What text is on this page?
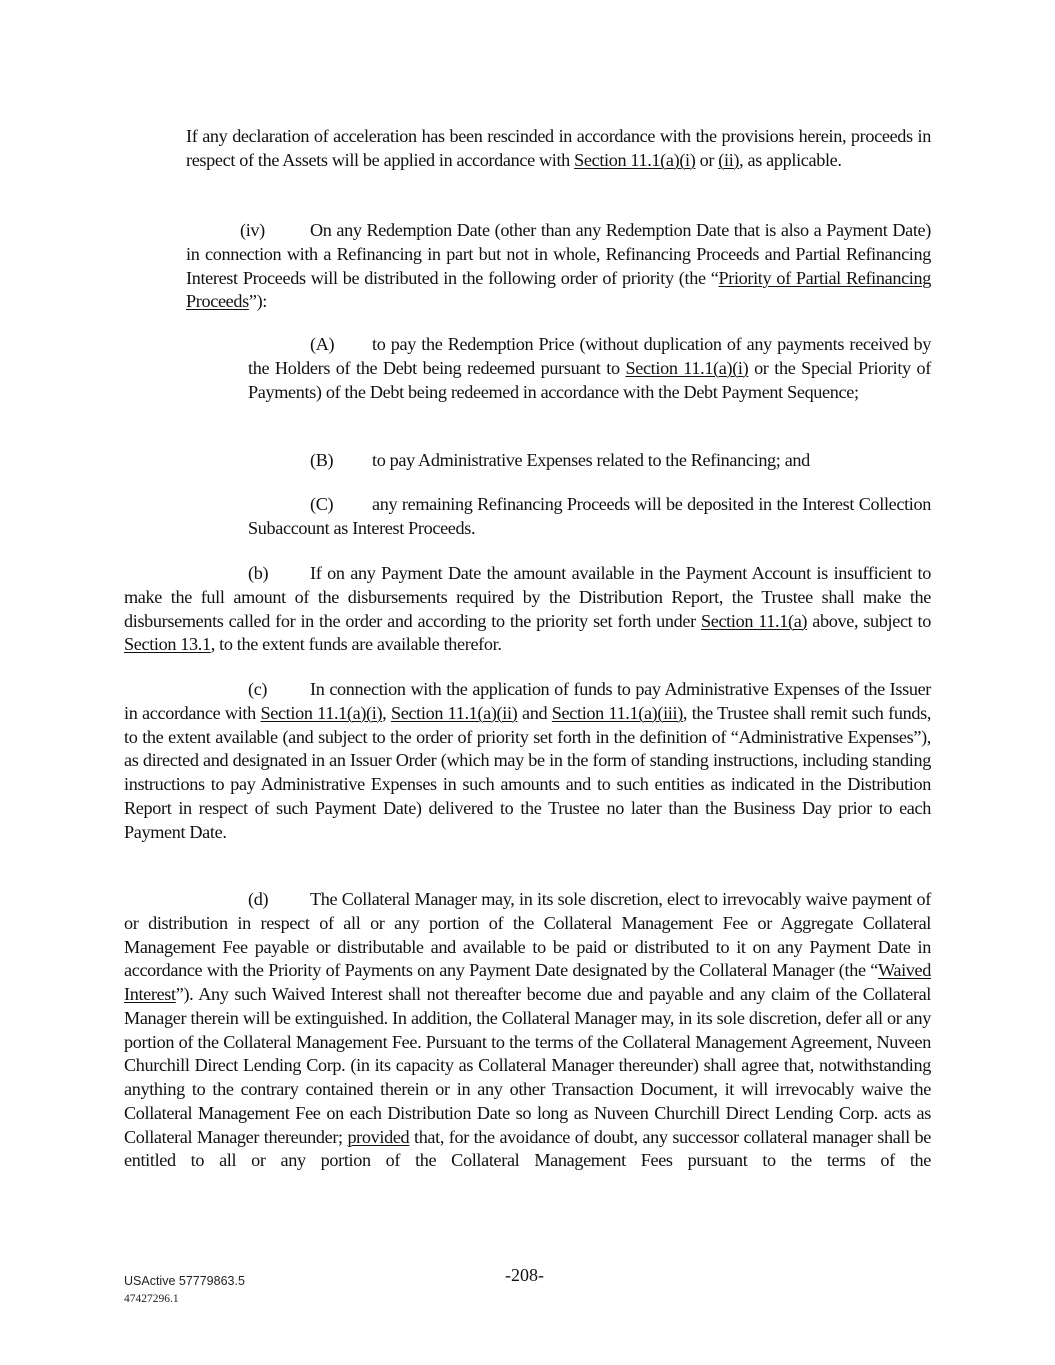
If any declaration of acceleration has been rescinded in accordance with the provisions herein, proceeds in respect of the Assets will be applied in accordance with Section 11.1(a)(i) or (ii), as applicable.

(iv) On any Redemption Date (other than any Redemption Date that is also a Payment Date) in connection with a Refinancing in part but not in whole, Refinancing Proceeds and Partial Refinancing Interest Proceeds will be distributed in the following order of priority (the “Priority of Partial Refinancing Proceeds”):

(A) to pay the Redemption Price (without duplication of any payments received by the Holders of the Debt being redeemed pursuant to Section 11.1(a)(i) or the Special Priority of Payments) of the Debt being redeemed in accordance with the Debt Payment Sequence;

(B) to pay Administrative Expenses related to the Refinancing; and

(C) any remaining Refinancing Proceeds will be deposited in the Interest Collection Subaccount as Interest Proceeds.

(b) If on any Payment Date the amount available in the Payment Account is insufficient to make the full amount of the disbursements required by the Distribution Report, the Trustee shall make the disbursements called for in the order and according to the priority set forth under Section 11.1(a) above, subject to Section 13.1, to the extent funds are available therefor.

(c) In connection with the application of funds to pay Administrative Expenses of the Issuer in accordance with Section 11.1(a)(i), Section 11.1(a)(ii) and Section 11.1(a)(iii), the Trustee shall remit such funds, to the extent available (and subject to the order of priority set forth in the definition of “Administrative Expenses”), as directed and designated in an Issuer Order (which may be in the form of standing instructions, including standing instructions to pay Administrative Expenses in such amounts and to such entities as indicated in the Distribution Report in respect of such Payment Date) delivered to the Trustee no later than the Business Day prior to each Payment Date.

(d) The Collateral Manager may, in its sole discretion, elect to irrevocably waive payment of or distribution in respect of all or any portion of the Collateral Management Fee or Aggregate Collateral Management Fee payable or distributable and available to be paid or distributed to it on any Payment Date in accordance with the Priority of Payments on any Payment Date designated by the Collateral Manager (the “Waived Interest”). Any such Waived Interest shall not thereafter become due and payable and any claim of the Collateral Manager therein will be extinguished. In addition, the Collateral Manager may, in its sole discretion, defer all or any portion of the Collateral Management Fee. Pursuant to the terms of the Collateral Management Agreement, Nuveen Churchill Direct Lending Corp. (in its capacity as Collateral Manager thereunder) shall agree that, notwithstanding anything to the contrary contained therein or in any other Transaction Document, it will irrevocably waive the Collateral Management Fee on each Distribution Date so long as Nuveen Churchill Direct Lending Corp. acts as Collateral Manager thereunder; provided that, for the avoidance of doubt, any successor collateral manager shall be entitled to all or any portion of the Collateral Management Fees pursuant to the terms of the

USActive 57779863.5
47427296.1
-208-
